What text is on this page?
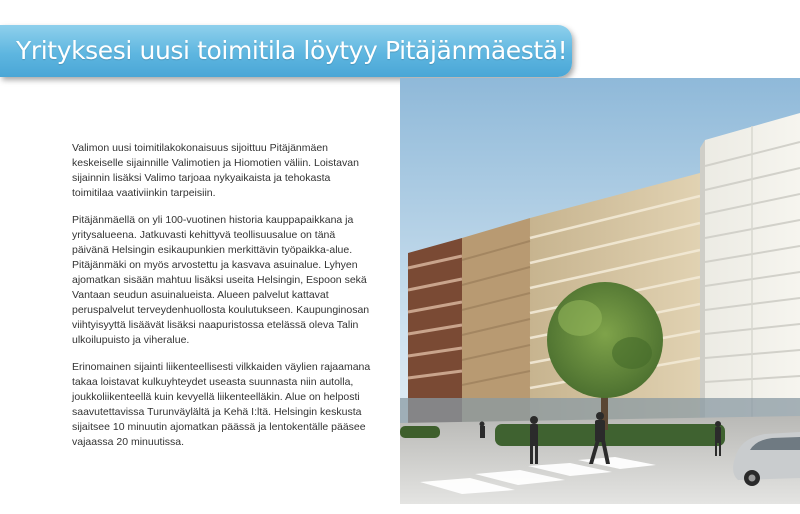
Yrityksesi uusi toimitila löytyy Pitäjänmäestä!

Valimon uusi toimitilakokonaisuus sijoittuu Pitäjänmäen keskeiselle sijainnille Valimotien ja Hiomotien väliin. Loistavan sijainnin lisäksi Valimo tarjoaa nykyaikaista ja tehokasta toimitilaa vaativiinkin tarpeisiin.

Pitäjänmäellä on yli 100-vuotinen historia kauppapaikkana ja yritysalueena. Jatkuvasti kehittyvä teollisuusalue on tänä päivänä Helsingin esikaupunkien merkittävin työpaikka-alue. Pitäjänmäki on myös arvostettu ja kasvava asuinalue. Lyhyen ajomatkan sisään mahtuu lisäksi useita Helsingin, Espoon sekä Vantaan seudun asuinalueista. Alueen palvelut kattavat peruspalvelut terveydenhuollosta koulutukseen. Kaupunginosan viihtyisyyttä lisäävät lisäksi naapuristossa etelässä oleva Talin ulkoilupuisto ja viheralue.

Erinomainen sijainti liikenteellisesti vilkkaiden väylien rajaamana takaa loistavat kulkuyhteydet useasta suunnasta niin autolla, joukkoliikenteellä kuin kevyellä liikenteelläkin. Alue on helposti saavutettavissa Turunväylältä ja Kehä I:ltä. Helsingin keskusta sijaitsee 10 minuutin ajomatkan päässä ja lentokentälle pääsee vajaassa 20 minuutissa.
